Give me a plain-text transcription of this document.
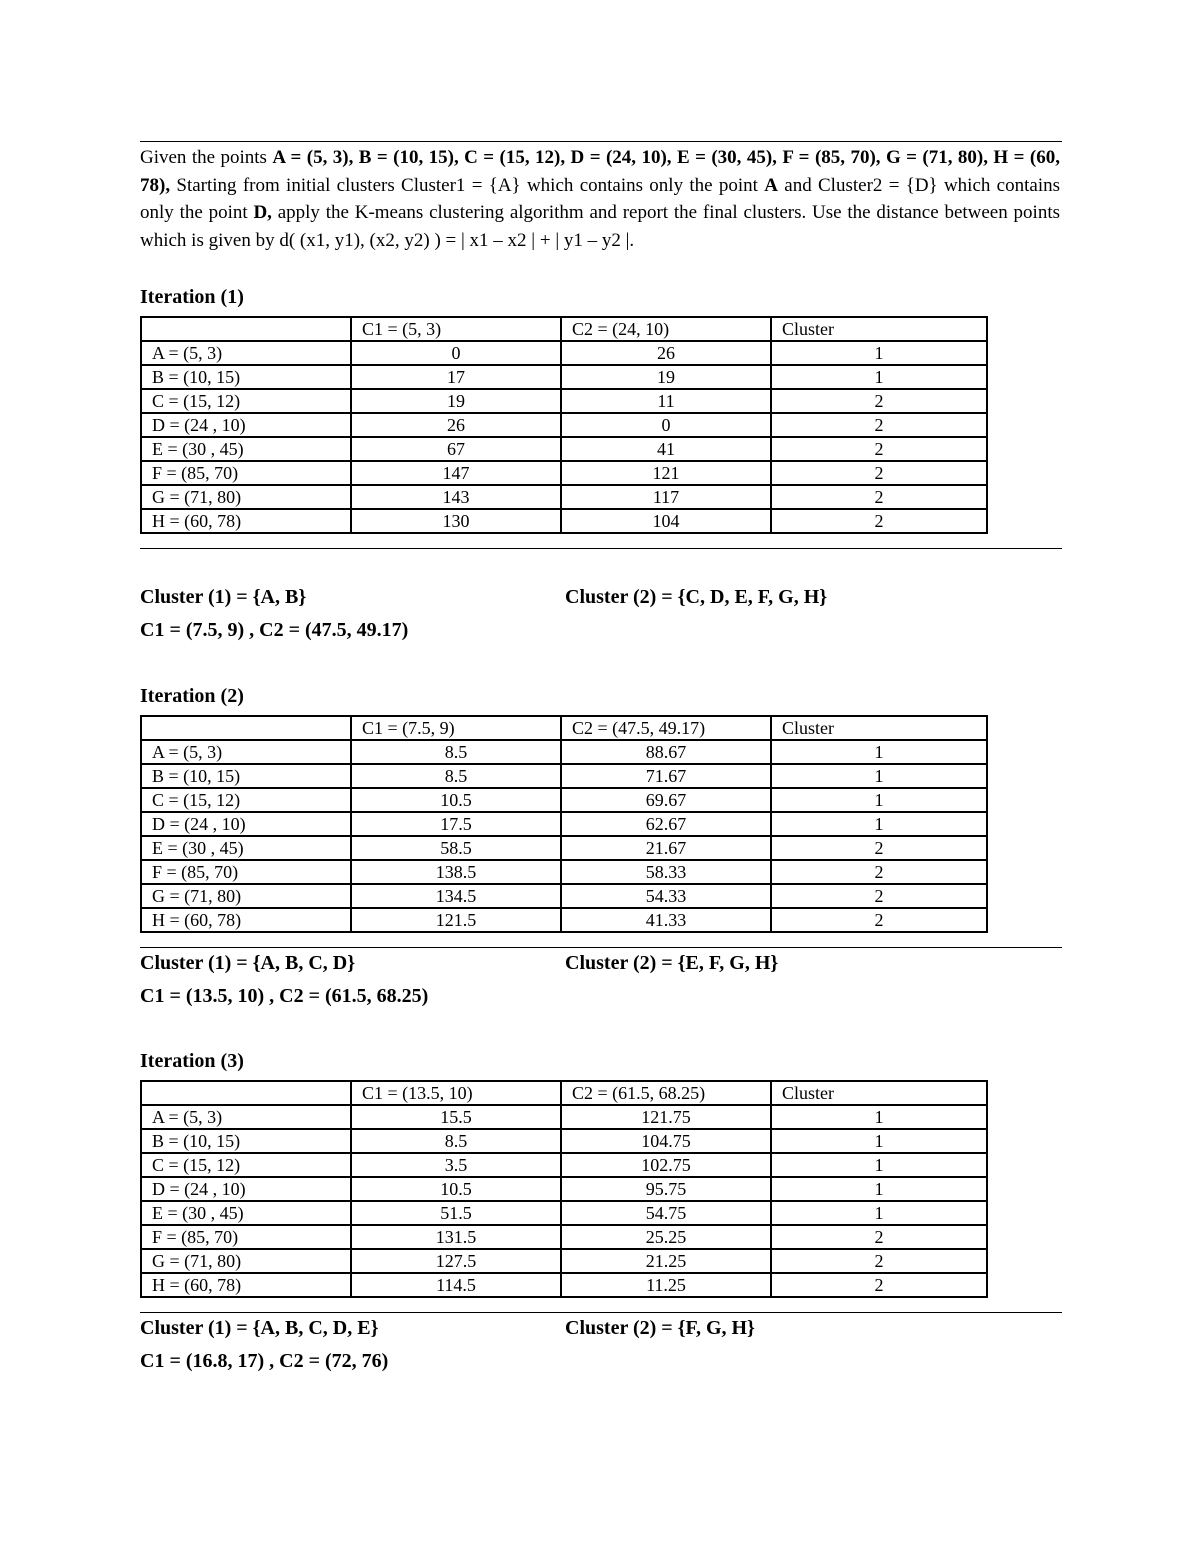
Given the points A = (5, 3), B = (10, 15), C = (15, 12), D = (24, 10), E = (30, 45), F = (85, 70), G = (71, 80), H = (60, 78), Starting from initial clusters Cluster1 = {A} which contains only the point A and Cluster2 = {D} which contains only the point D, apply the K-means clustering algorithm and report the final clusters. Use the distance between points which is given by d( (x1, y1), (x2, y2) ) = | x1 – x2 | + | y1 – y2 |.
Iteration (1)
	C1 = (5, 3)	C2 = (24, 10)	Cluster
A = (5, 3)	0	26	1
B = (10, 15)	17	19	1
C = (15, 12)	19	11	2
D = (24 , 10)	26	0	2
E = (30 , 45)	67	41	2
F = (85, 70)	147	121	2
G = (71, 80)	143	117	2
H = (60, 78)	130	104	2
Cluster (1) = {A, B}	Cluster (2) = {C, D, E, F, G, H}
C1 = (7.5, 9) , C2 = (47.5, 49.17)
Iteration (2)
	C1 = (7.5, 9)	C2 = (47.5, 49.17)	Cluster
A = (5, 3)	8.5	88.67	1
B = (10, 15)	8.5	71.67	1
C = (15, 12)	10.5	69.67	1
D = (24 , 10)	17.5	62.67	1
E = (30 , 45)	58.5	21.67	2
F = (85, 70)	138.5	58.33	2
G = (71, 80)	134.5	54.33	2
H = (60, 78)	121.5	41.33	2
Cluster (1) = {A, B, C, D}	Cluster (2) = {E, F, G, H}
C1 = (13.5, 10) , C2 = (61.5, 68.25)
Iteration (3)
	C1 = (13.5, 10)	C2 = (61.5, 68.25)	Cluster
A = (5, 3)	15.5	121.75	1
B = (10, 15)	8.5	104.75	1
C = (15, 12)	3.5	102.75	1
D = (24 , 10)	10.5	95.75	1
E = (30 , 45)	51.5	54.75	1
F = (85, 70)	131.5	25.25	2
G = (71, 80)	127.5	21.25	2
H = (60, 78)	114.5	11.25	2
Cluster (1) = {A, B, C, D, E}	Cluster (2) = {F, G, H}
C1 = (16.8, 17) , C2 = (72, 76)
